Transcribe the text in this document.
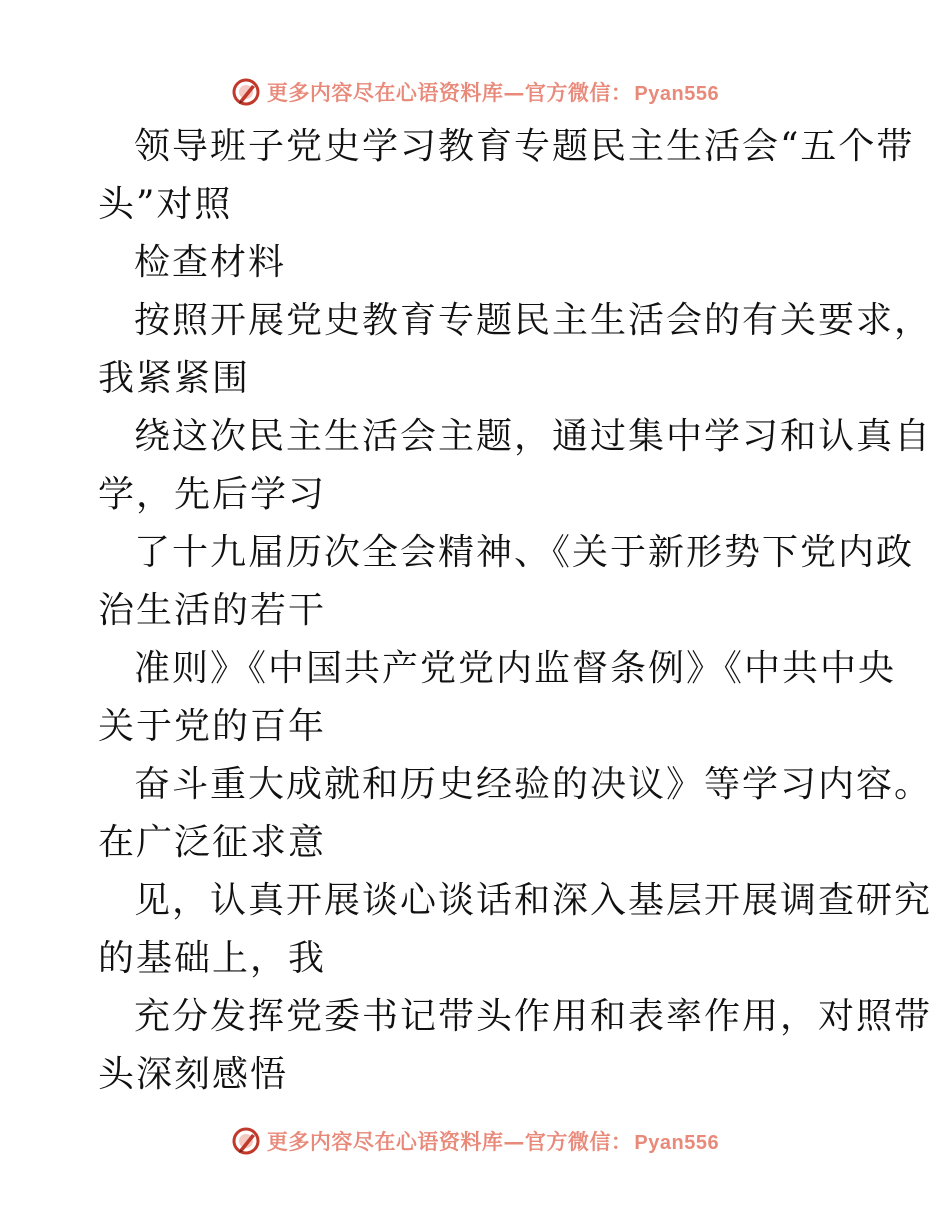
更多内容尽在心语资料库—官方微信： Pyan556
领导班子党史学习教育专题民主生活会“五个带
头”对照
检查材料
按照开展党史教育专题民主生活会的有关要求，
我紧紧围
绕这次民主生活会主题，通过集中学习和认真自
学，先后学习
了十九届历次全会精神、《关于新形势下党内政
治生活的若干
准则》《中国共产党党内监督条例》《中共中央
关于党的百年
奋斗重大成就和历史经验的决议》等学习内容。
在广泛征求意
见，认真开展谈心谈话和深入基层开展调查研究
的基础上，我
充分发挥党委书记带头作用和表率作用，对照带
头深刻感悟
更多内容尽在心语资料库—官方微信： Pyan556
